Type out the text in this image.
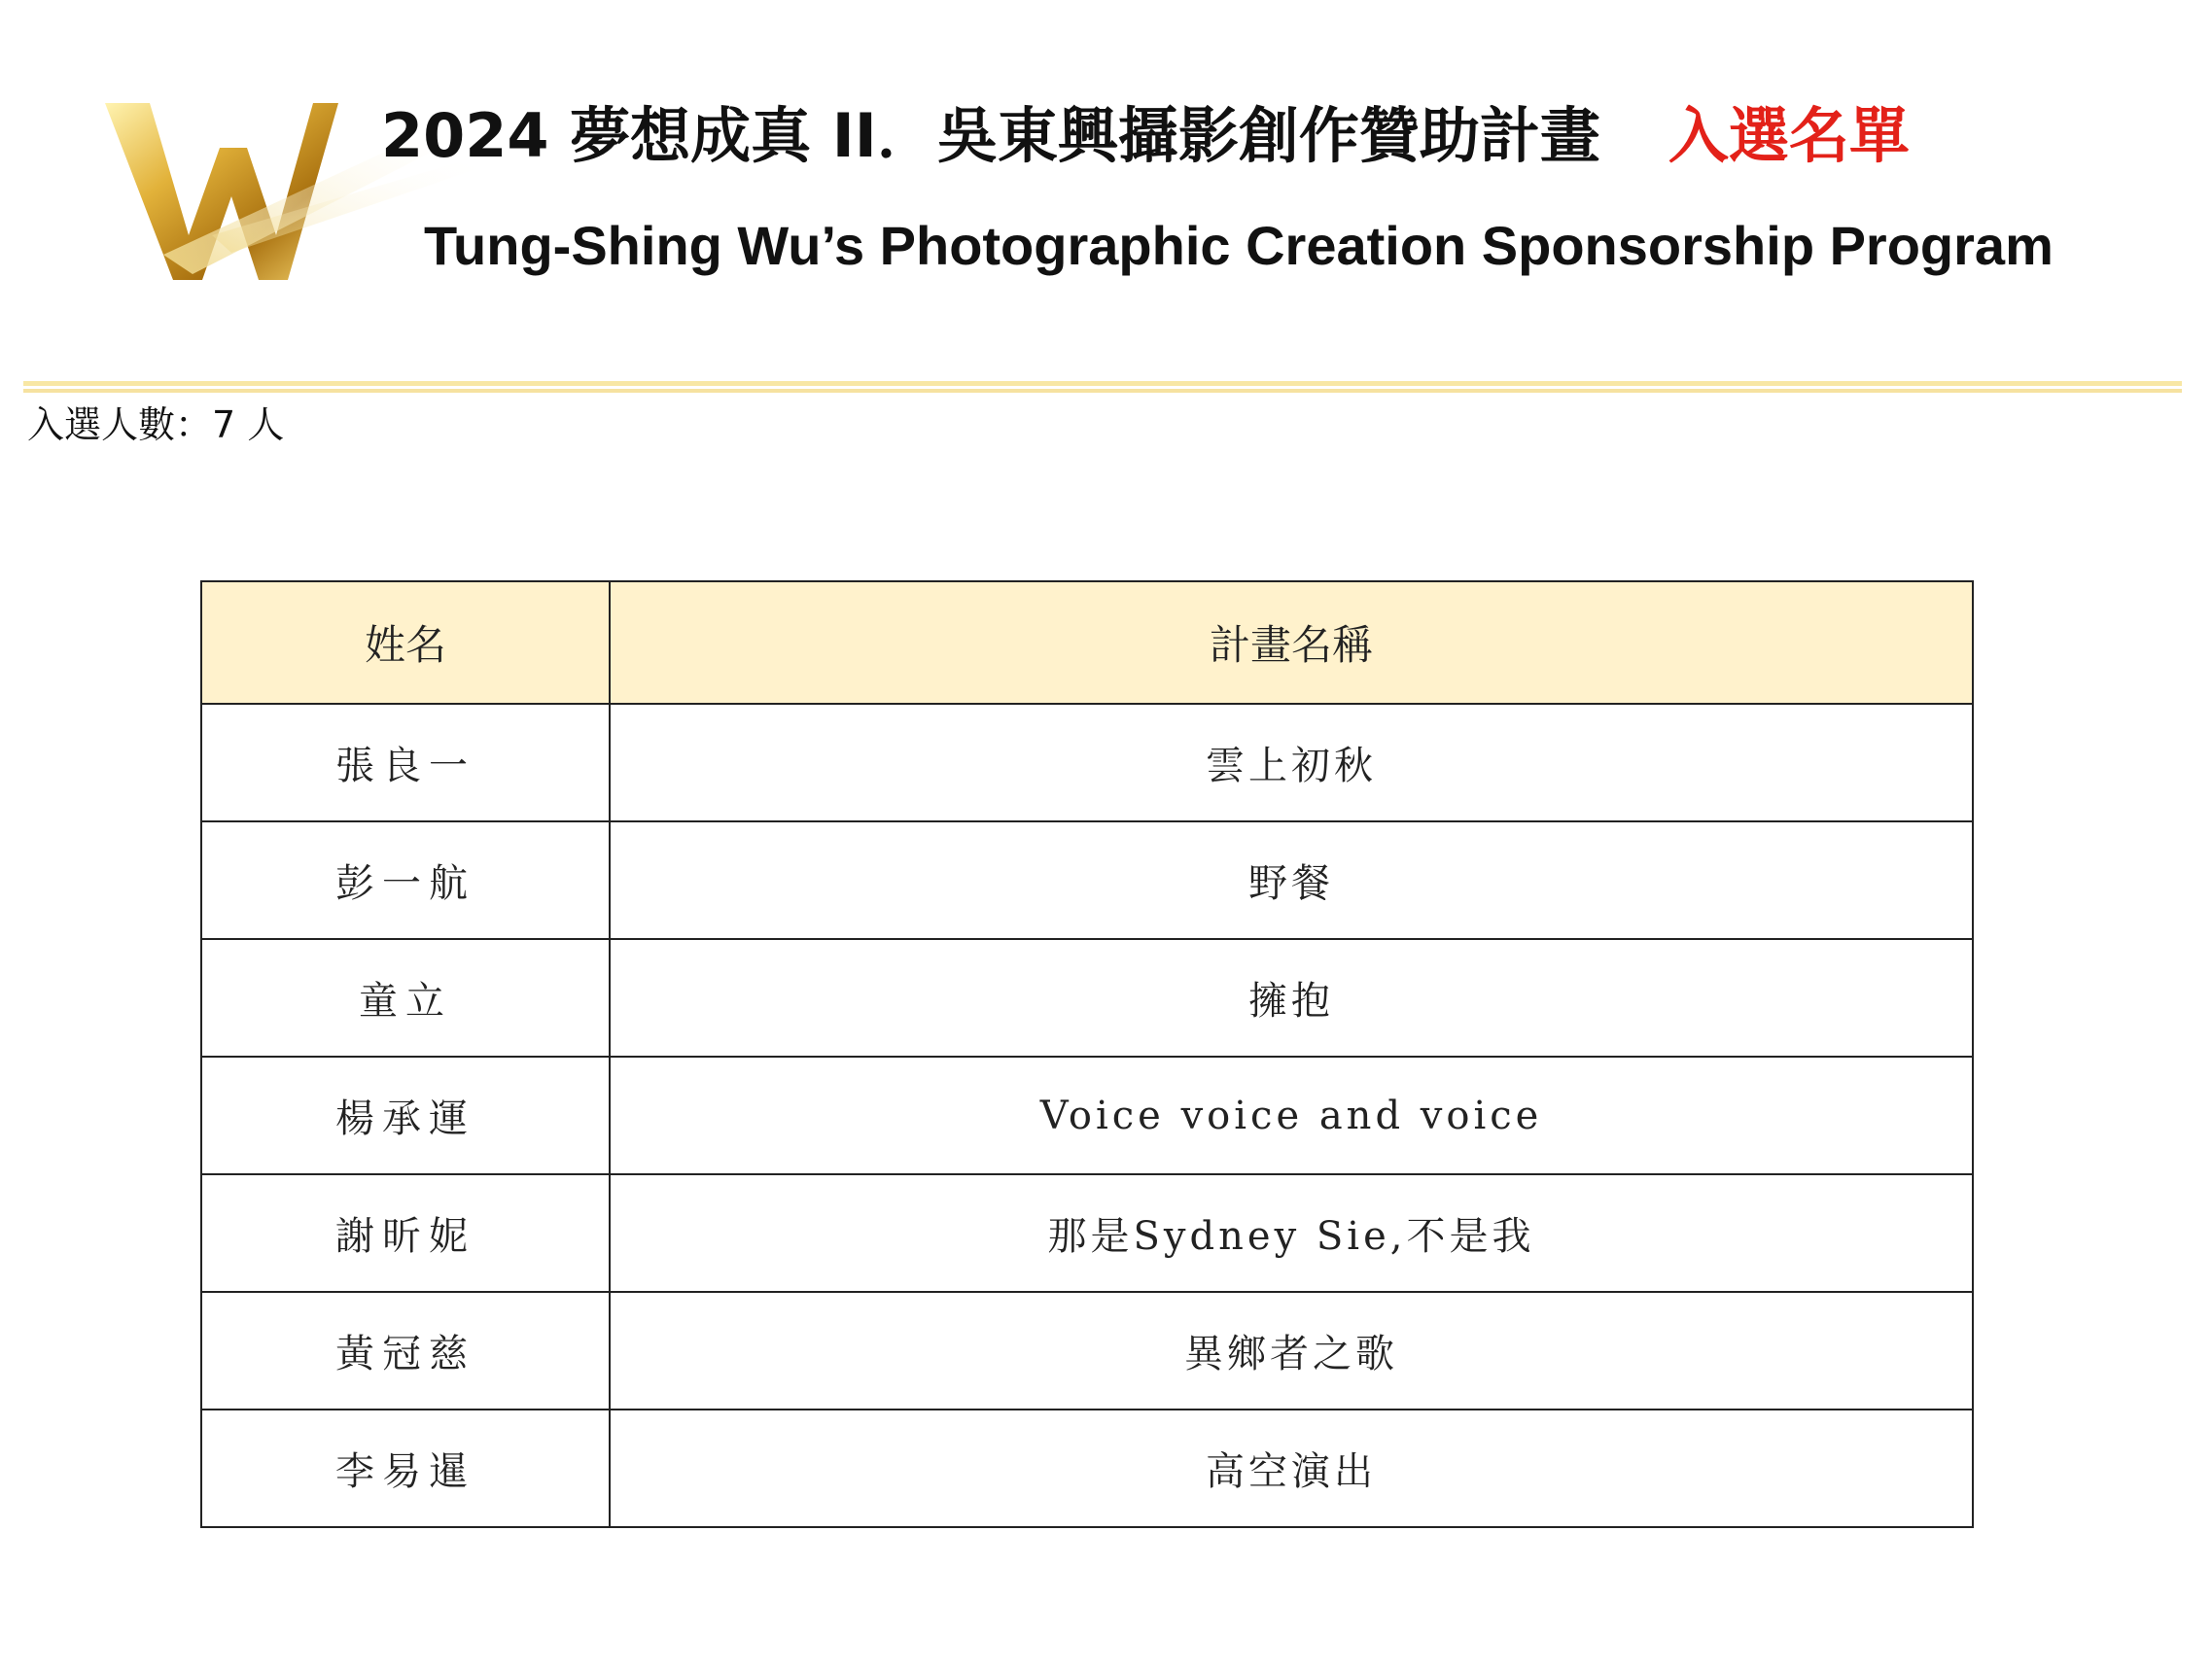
2024 夢想成真 II．吳東興攝影創作贊助計畫 入選名單
Tung-Shing Wu’s Photographic Creation Sponsorship Program
入選人數：7 人
姓名	計畫名稱
張良一	雲上初秋
彭一航	野餐
童立	擁抱
楊承運	Voice voice and voice
謝昕妮	那是Sydney Sie,不是我
黃冠慈	異鄉者之歌
李易暹	高空演出
